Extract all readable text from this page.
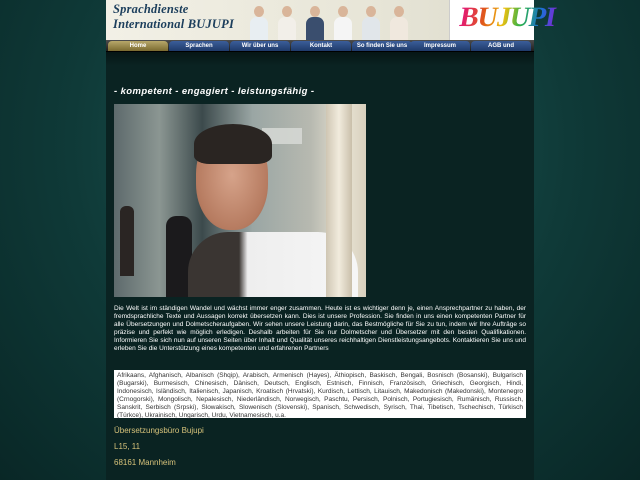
Sprachdienste
International BUJUPI	BUJUPI
Home	Sprachen	Wir über uns	Kontakt	So finden Sie uns	Impressum	AGB und
- kompetent - engagiert - leistungsfähig -
Die Welt ist im ständigen Wandel und wächst immer enger zusammen. Heute ist es wichtiger denn je, einen Ansprechpartner zu haben, der fremdsprachliche Texte und Aussagen korrekt übersetzen kann. Dies ist unsere Profession. Sie finden in uns einen kompetenten Partner für alle Übersetzungen und Dolmetscheraufgaben. Wir sehen unsere Leistung darin, das Bestmögliche für Sie zu tun, indem wir Ihre Aufträge so präzise und perfekt wie möglich erledigen. Deshalb arbeiten für Sie nur Dolmetscher und Übersetzer mit den besten Qualifikationen. Informieren Sie sich nun auf unseren Seiten über Inhalt und Qualität unseres reichhaltigen Dienstleistungsangebots. Kontaktieren Sie uns und erleben Sie die Unterstützung eines kompetenten und erfahrenen Partners
Afrikaans, Afghanisch, Albanisch (Shqip), Arabisch, Armenisch (Hayes), Äthiopisch, Baskisch, Bengali, Bosnisch (Bosanski), Bulgarisch (Bugarski), Burmesisch, Chinesisch, Dänisch, Deutsch, Englisch, Estnisch, Finnisch, Französisch, Griechisch, Georgisch, Hindi, Indonesisch, Isländisch, Italienisch, Japanisch, Kroatisch (Hrvatski), Kurdisch, Lettisch, Litauisch, Makedonisch (Makedonski), Montenegro (Crnogorski), Mongolisch, Nepalesisch, Niederländisch, Norwegisch, Paschtu, Persisch, Polnisch, Portugiesisch, Rumänisch, Russisch, Sanskrit, Serbisch (Srpski), Slowakisch, Slowenisch (Slovenski), Spanisch, Schwedisch, Syrisch, Thai, Tibetisch, Tschechisch, Türkisch (Türkce), Ukrainisch, Ungarisch, Urdu, Vietnamesisch, u.a.
Übersetzungsbüro Bujupi
L15, 11
68161 Mannheim
